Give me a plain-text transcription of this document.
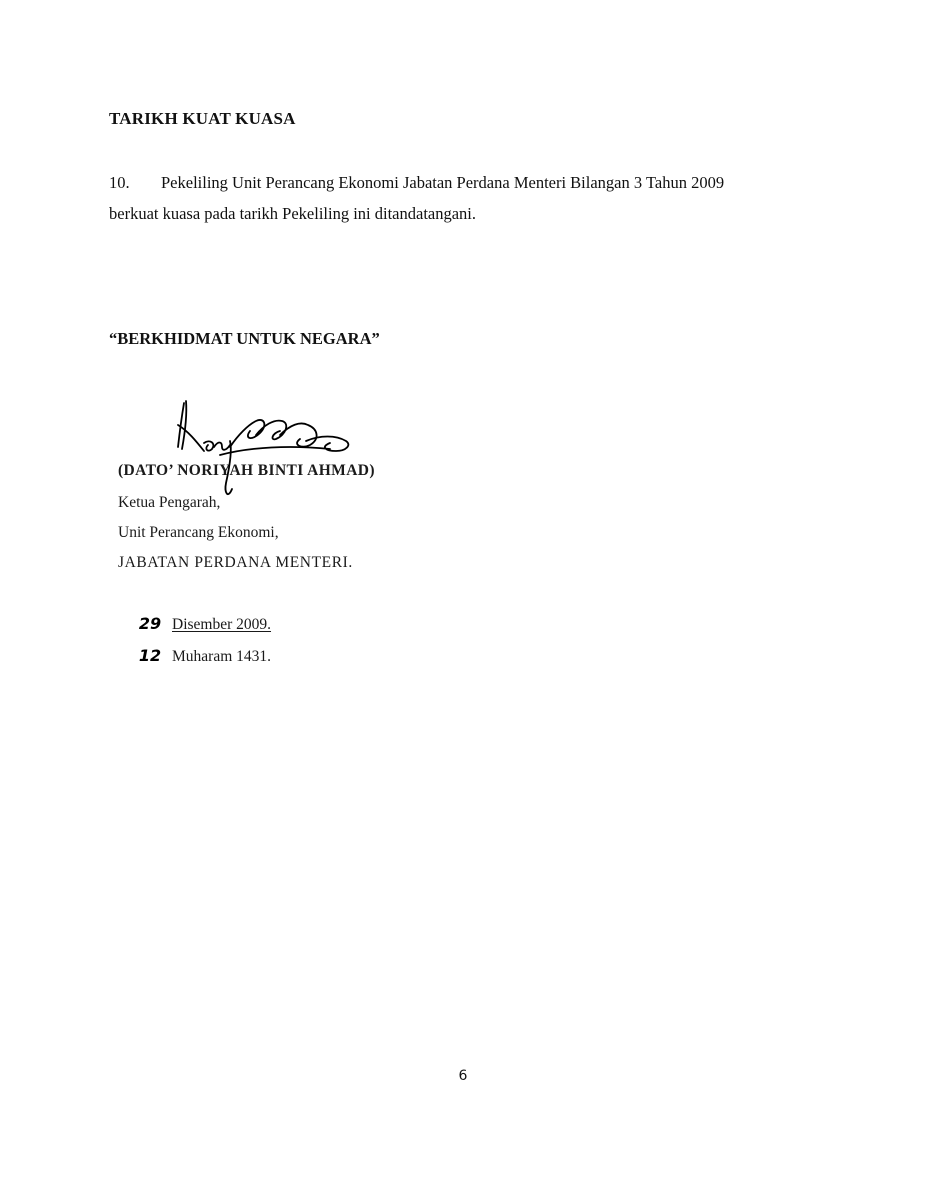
TARIKH KUAT KUASA
10. Pekeliling Unit Perancang Ekonomi Jabatan Perdana Menteri Bilangan 3 Tahun 2009
berkuat kuasa pada tarikh Pekeliling ini ditandatangani.
“BERKHIDMAT UNTUK NEGARA”
(DATO’ NORIYAH BINTI AHMAD)
Ketua Pengarah,
Unit Perancang Ekonomi,
JABATAN PERDANA MENTERI.
29 Disember 2009.
12 Muharam 1431.
6
